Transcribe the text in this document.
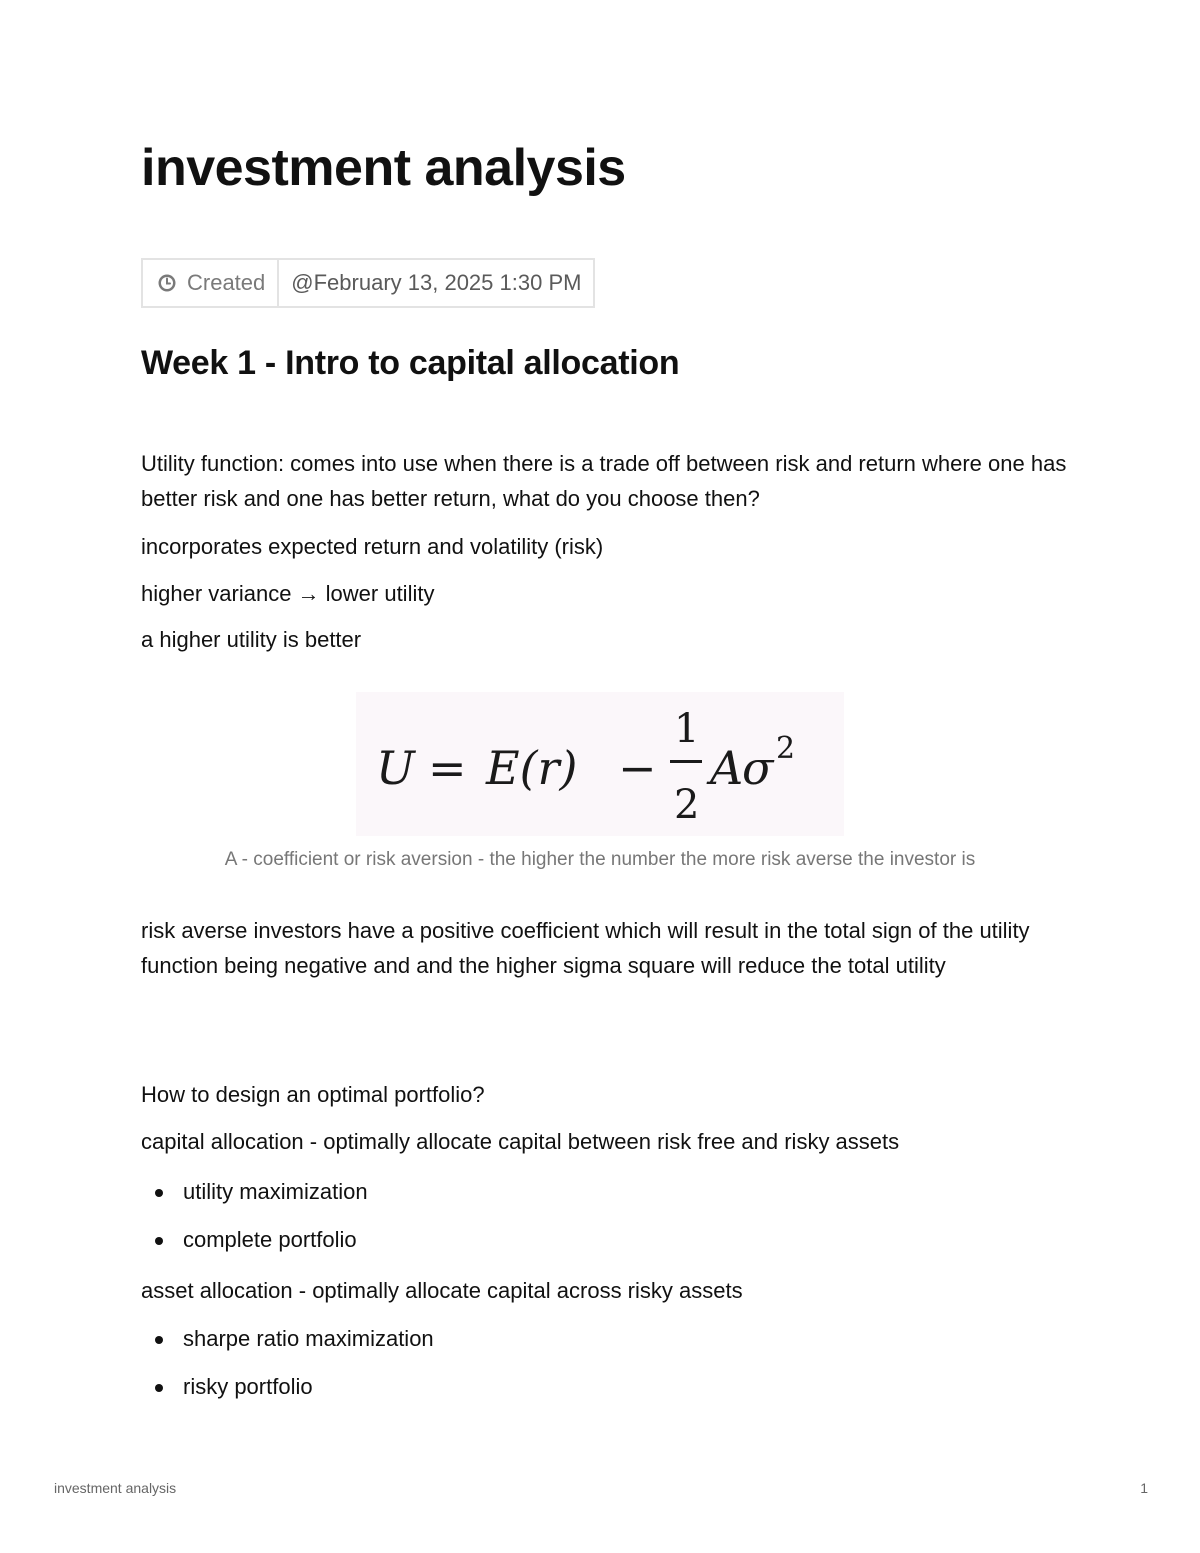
investment analysis
Created	@February 13, 2025 1:30 PM
Week 1 - Intro to capital allocation

Utility function: comes into use when there is a trade off between risk and return where one has better risk and one has better return, what do you choose then?

incorporates expected return and volatility (risk)

higher variance → lower utility

a higher utility is better

U = E(r) −
1
2
A
σ 2

A - coefficient or risk aversion - the higher the number the more risk averse the investor is

risk averse investors have a positive coefficient which will result in the total sign of the utility function being negative and and the higher sigma square will reduce the total utility

How to design an optimal portfolio?

capital allocation - optimally allocate capital between risk free and risky assets

utility maximization
complete portfolio

asset allocation - optimally allocate capital across risky assets

sharpe ratio maximization
risky portfolio
investment analysis	1
